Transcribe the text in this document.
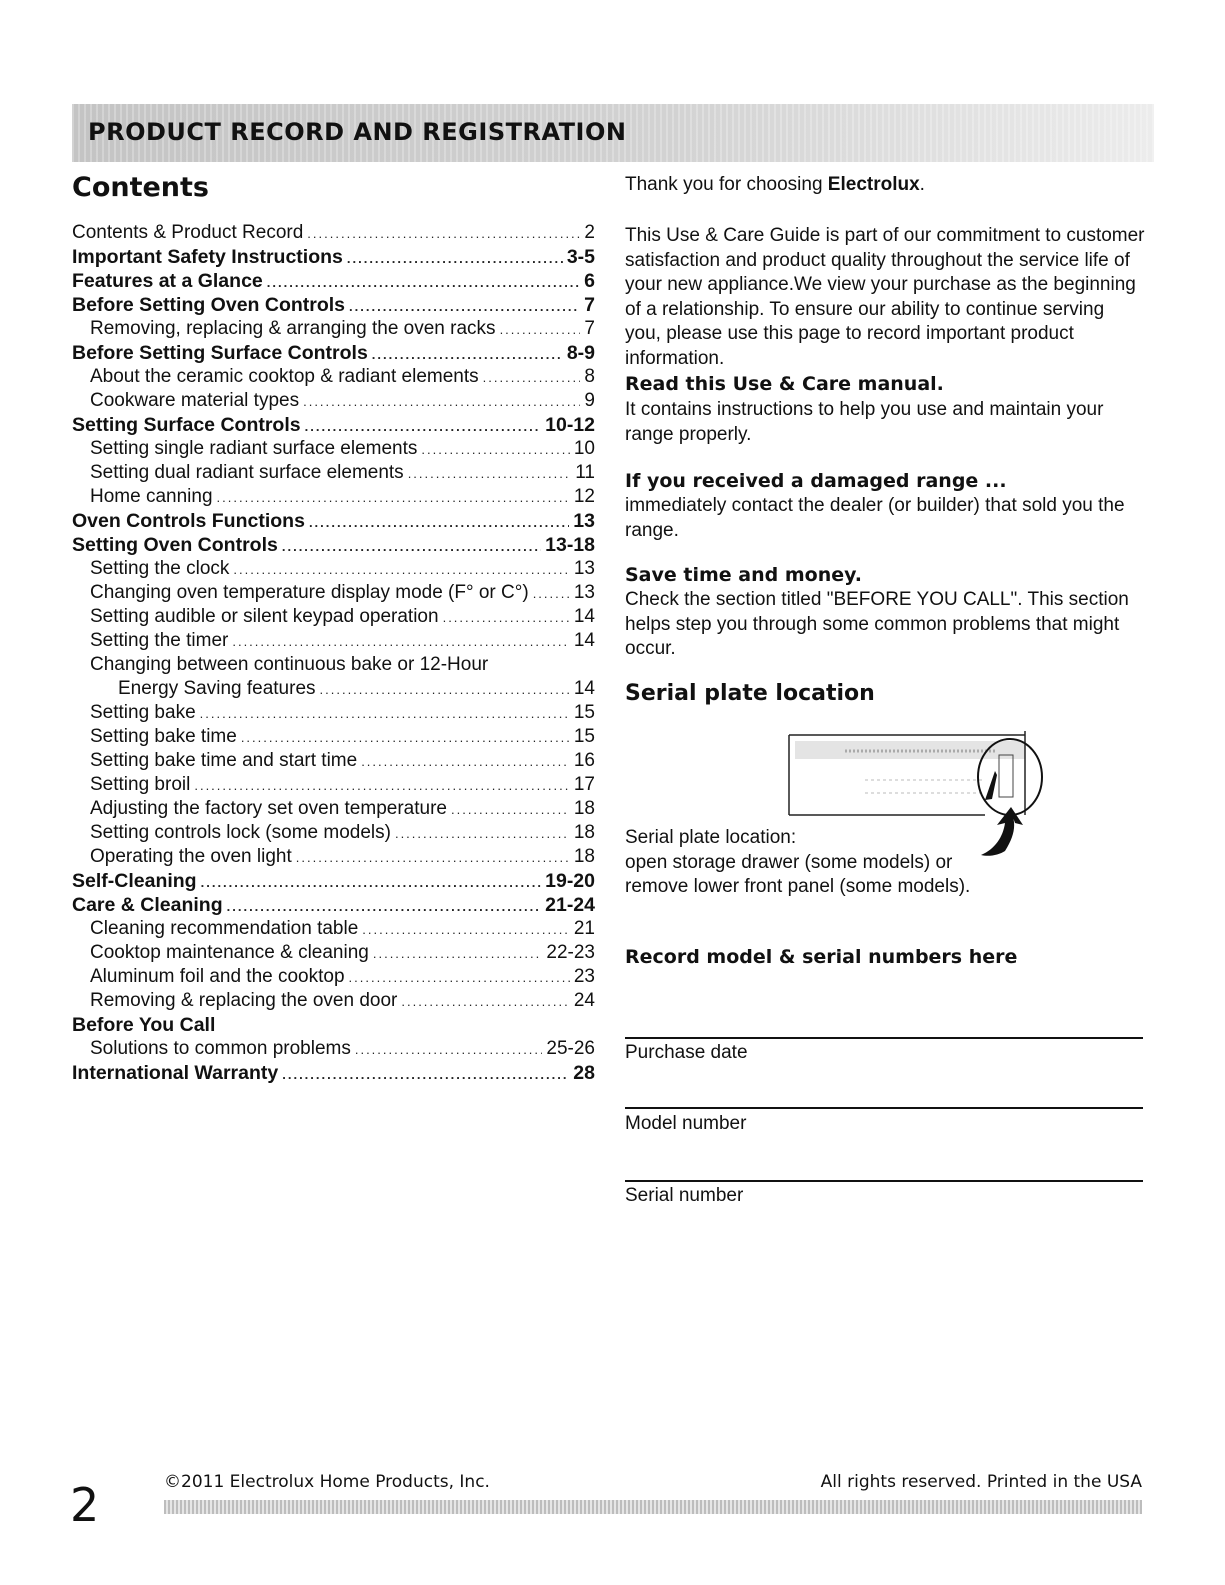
PRODUCT RECORD AND REGISTRATION
Contents
Contents & Product Record .....	2
Important Safety Instructions .....	3-5
Features at a Glance .....	6
Before Setting Oven Controls .....	7
Removing, replacing & arranging the oven racks .....	7
Before Setting Surface Controls .....	8-9
About the ceramic cooktop & radiant elements .....	8
Cookware material types .....	9
Setting Surface Controls .....	10-12
Setting single radiant surface elements .....	10
Setting dual radiant surface elements .....	11
Home canning .....	12
Oven Controls Functions .....	13
Setting Oven Controls .....	13-18
Setting the clock .....	13
Changing oven temperature display mode (F° or C°) ..... 13
Setting audible or silent keypad operation .....	14
Setting the timer .....	14
Changing between continuous bake or 12-Hour
Energy Saving features .....	14
Setting bake .....	15
Setting bake time .....	15
Setting bake time and start time .....	16
Setting broil .....	17
Adjusting the factory set oven temperature .....	18
Setting controls lock (some models) .....	18
Operating the oven light .....	18
Self-Cleaning .....	19-20
Care & Cleaning .....	21-24
Cleaning recommendation table .....	21
Cooktop maintenance & cleaning .....	22-23
Aluminum foil and the cooktop .....	23
Removing & replacing the oven door .....	24
Before You Call
Solutions to common problems .....	25-26
International Warranty .....	28
Thank you for choosing Electrolux.

This Use & Care Guide is part of our commitment to customer satisfaction and product quality throughout the service life of your new appliance.We view your purchase as the beginning of a relationship. To ensure our ability to continue serving you, please use this page to record important product information.

Read this Use & Care manual.

It contains instructions to help you use and maintain your range properly.

If you received a damaged range ...

immediately contact the dealer (or builder) that sold you the range.

Save time and money.

Check the section titled "BEFORE YOU CALL". This section helps step you through some common problems that might occur.

Serial plate location
Serial plate location:
open storage drawer (some models) or
remove lower front panel (some models).
Record model & serial numbers here
Purchase date
Model number
Serial number
2	©2011 Electrolux Home Products, Inc.	All rights reserved. Printed in the USA
